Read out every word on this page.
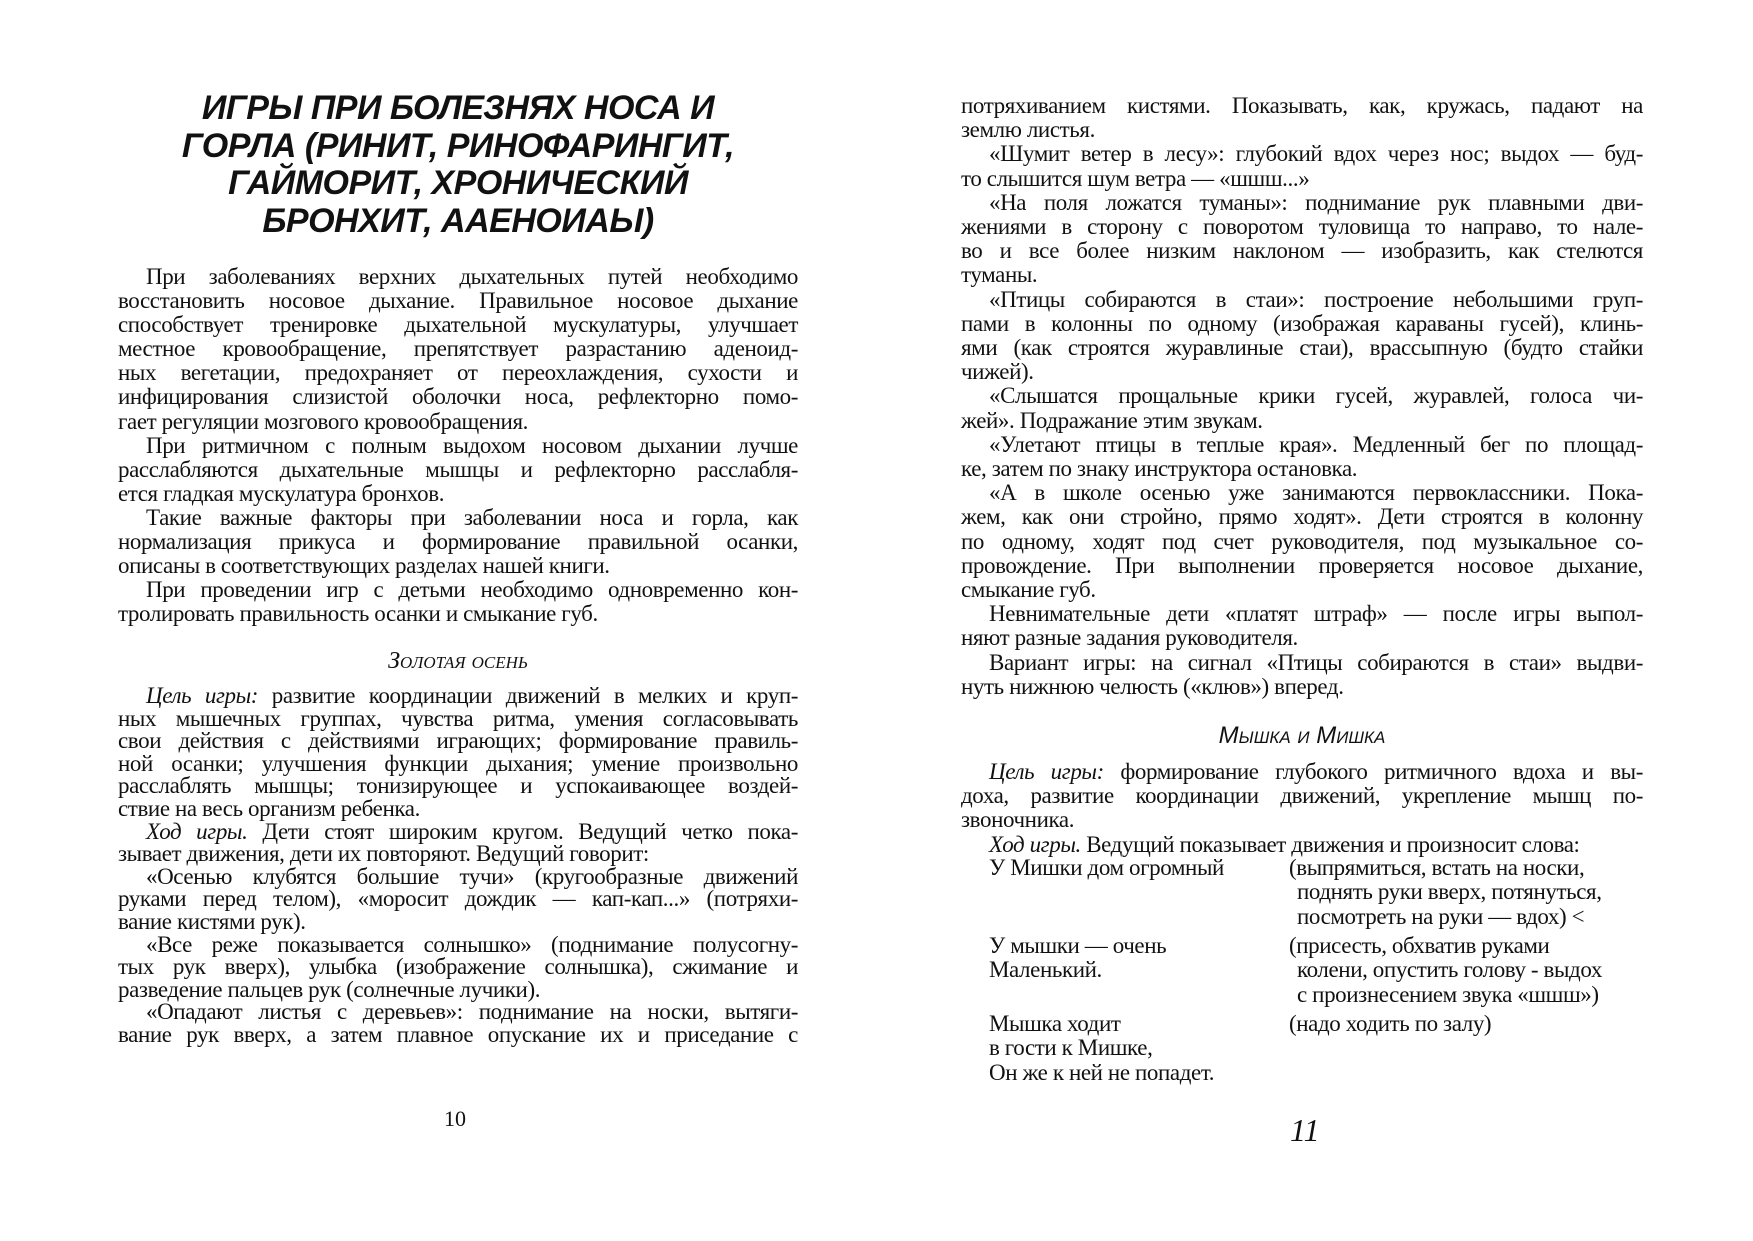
ИГРЫ ПРИ БОЛЕЗНЯХ НОСА И
ГОРЛА (РИНИТ, РИНОФАРИНГИТ,
ГАЙМОРИТ, ХРОНИЧЕСКИЙ
БРОНХИТ, ААЕНОИАЫ)
При заболеваниях верхних дыхательных путей необходимо
восстановить носовое дыхание. Правильное носовое дыхание
способствует тренировке дыхательной мускулатуры, улучшает
местное кровообращение, препятствует разрастанию аденоид-
ных вегетации, предохраняет от переохлаждения, сухости и
инфицирования слизистой оболочки носа, рефлекторно помо-
гает регуляции мозгового кровообращения.
При ритмичном с полным выдохом носовом дыхании лучше
расслабляются дыхательные мышцы и рефлекторно расслабля-
ется гладкая мускулатура бронхов.
Такие важные факторы при заболевании носа и горла, как
нормализация прикуса и формирование правильной осанки,
описаны в соответствующих разделах нашей книги.
При проведении игр с детьми необходимо одновременно кон-
тролировать правильность осанки и смыкание губ.
Золотая осень
Цель игры: развитие координации движений в мелких и круп-
ных мышечных группах, чувства ритма, умения согласовывать
свои действия с действиями играющих; формирование правиль-
ной осанки; улучшения функции дыхания; умение произвольно
расслаблять мышцы; тонизирующее и успокаивающее воздей-
ствие на весь организм ребенка.
Ход игры. Дети стоят широким кругом. Ведущий четко пока-
зывает движения, дети их повторяют. Ведущий говорит:
«Осенью клубятся большие тучи» (кругообразные движений
руками перед телом), «моросит дождик — кап-кап...» (потряхи-
вание кистями рук).
«Все реже показывается солнышко» (поднимание полусогну-
тых рук вверх), улыбка (изображение солнышка), сжимание и
разведение пальцев рук (солнечные лучики).
«Опадают листья с деревьев»: поднимание на носки, вытяги-
вание рук вверх, а затем плавное опускание их и приседание с
10
потряхиванием кистями. Показывать, как, кружась, падают на
землю листья.
«Шумит ветер в лесу»: глубокий вдох через нос; выдох — буд-
то слышится шум ветра — «шшш...»
«На поля ложатся туманы»: поднимание рук плавными дви-
жениями в сторону с поворотом туловища то направо, то нале-
во и все более низким наклоном — изобразить, как стелются
туманы.
«Птицы собираются в стаи»: построение небольшими груп-
пами в колонны по одному (изображая караваны гусей), клинь-
ями (как строятся журавлиные стаи), врассыпную (будто стайки
чижей).
«Слышатся прощальные крики гусей, журавлей, голоса чи-
жей». Подражание этим звукам.
«Улетают птицы в теплые края». Медленный бег по площад-
ке, затем по знаку инструктора остановка.
«А в школе осенью уже занимаются первоклассники. Пока-
жем, как они стройно, прямо ходят». Дети строятся в колонну
по одному, ходят под счет руководителя, под музыкальное со-
провождение. При выполнении проверяется носовое дыхание,
смыкание губ.
Невнимательные дети «платят штраф» — после игры выпол-
няют разные задания руководителя.
Вариант игры: на сигнал «Птицы собираются в стаи» выдви-
нуть нижнюю челюсть («клюв») вперед.
Мышка и Мишка
Цель игры: формирование глубокого ритмичного вдоха и вы-
доха, развитие координации движений, укрепление мышц по-
звоночника.
Ход игры. Ведущий показывает движения и произносит слова:
У Мишки дом огромный	(выпрямиться, встать на носки,
поднять руки вверх, потянуться,
посмотреть на руки — вдох) <
У мышки — очень
Маленький.
(присесть, обхватив руками
колени, опустить голову - выдох
с произнесением звука «шшш»)
Мышка ходит
в гости к Мишке,
Он же к ней не попадет.
(надо ходить по залу)
11
